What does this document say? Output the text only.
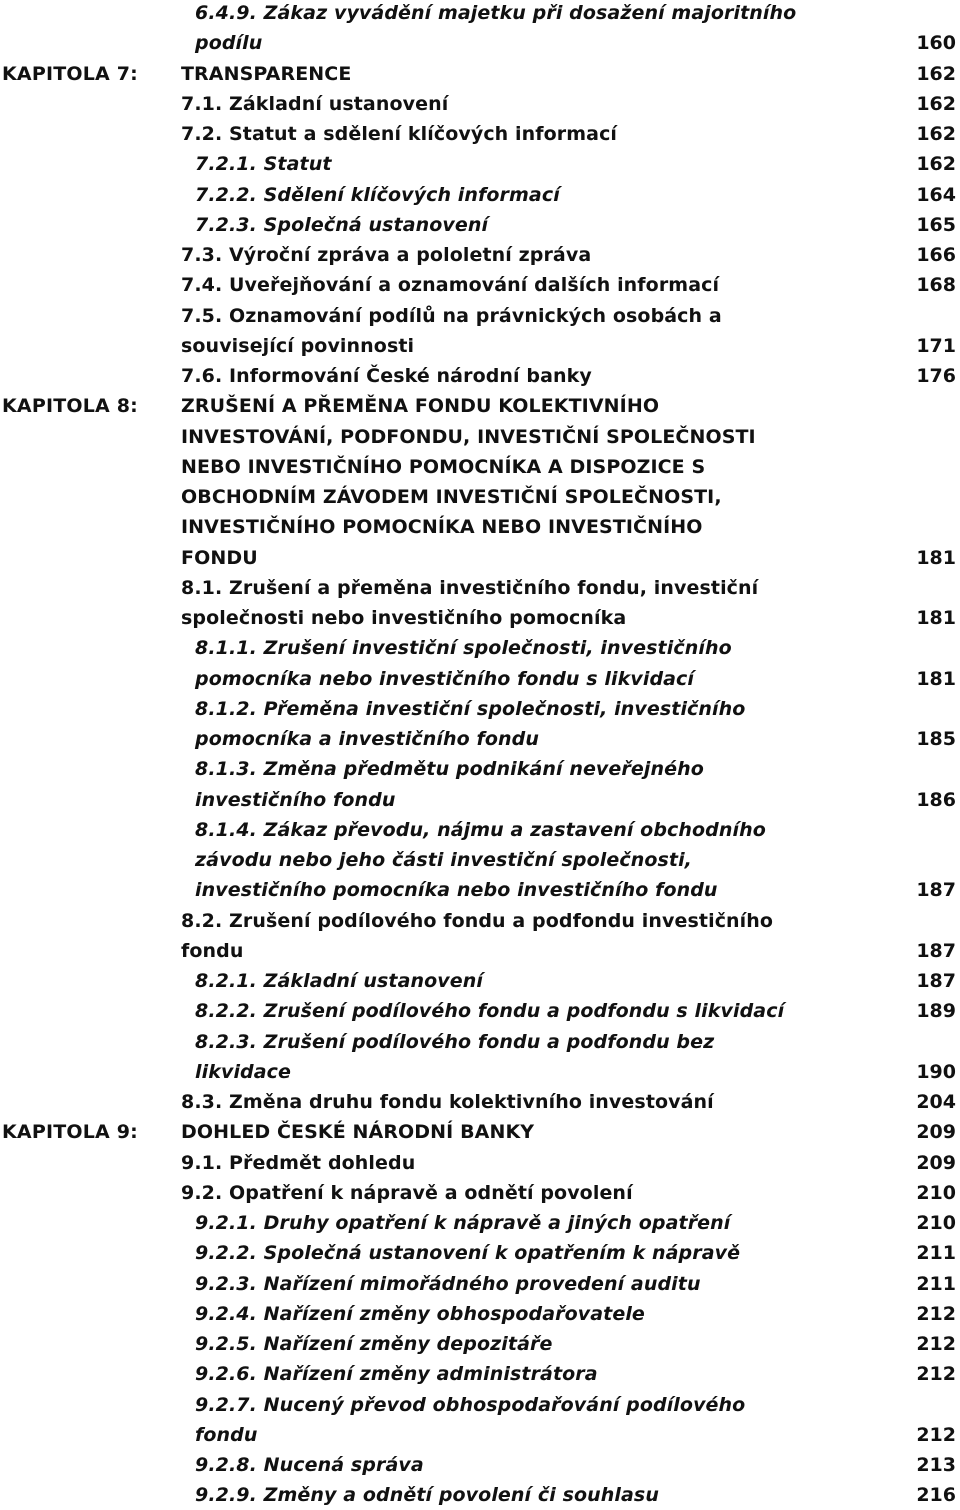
6.4.9. Zákaz vyvádění majetku při dosažení majoritního
podílu	160
KAPITOLA 7: TRANSPARENCE	162
7.1. Základní ustanovení	162
7.2. Statut a sdělení klíčových informací	162
7.2.1. Statut	162
7.2.2. Sdělení klíčových informací	164
7.2.3. Společná ustanovení	165
7.3. Výroční zpráva a pololetní zpráva	166
7.4. Uveřejňování a oznamování dalších informací	168
7.5. Oznamování podílů na právnických osobách a
související povinnosti	171
7.6. Informování České národní banky	176
KAPITOLA 8: ZRUŠENÍ A PŘEMĚNA FONDU KOLEKTIVNÍHO
INVESTOVÁNÍ, PODFONDU, INVESTIČNÍ SPOLEČNOSTI
NEBO INVESTIČNÍHO POMOCNÍKA A DISPOZICE S
OBCHODNÍM ZÁVODEM INVESTIČNÍ SPOLEČNOSTI,
INVESTIČNÍHO POMOCNÍKA NEBO INVESTIČNÍHO
FONDU	181
8.1. Zrušení a přeměna investičního fondu, investiční
společnosti nebo investičního pomocníka	181
8.1.1. Zrušení investiční společnosti, investičního
pomocníka nebo investičního fondu s likvidací	181
8.1.2. Přeměna investiční společnosti, investičního
pomocníka a investičního fondu	185
8.1.3. Změna předmětu podnikání neveřejného
investičního fondu	186
8.1.4. Zákaz převodu, nájmu a zastavení obchodního
závodu nebo jeho části investiční společnosti,
investičního pomocníka nebo investičního fondu	187
8.2. Zrušení podílového fondu a podfondu investičního
fondu	187
8.2.1. Základní ustanovení	187
8.2.2. Zrušení podílového fondu a podfondu s likvidací	189
8.2.3. Zrušení podílového fondu a podfondu bez
likvidace	190
8.3. Změna druhu fondu kolektivního investování	204
KAPITOLA 9: DOHLED ČESKÉ NÁRODNÍ BANKY	209
9.1. Předmět dohledu	209
9.2. Opatření k nápravě a odnětí povolení	210
9.2.1. Druhy opatření k nápravě a jiných opatření	210
9.2.2. Společná ustanovení k opatřením k nápravě	211
9.2.3. Nařízení mimořádného provedení auditu	211
9.2.4. Nařízení změny obhospodařovatele	212
9.2.5. Nařízení změny depozitáře	212
9.2.6. Nařízení změny administrátora	212
9.2.7. Nucený převod obhospodařování podílového
fondu	212
9.2.8. Nucená správa	213
9.2.9. Změny a odnětí povolení či souhlasu	216
